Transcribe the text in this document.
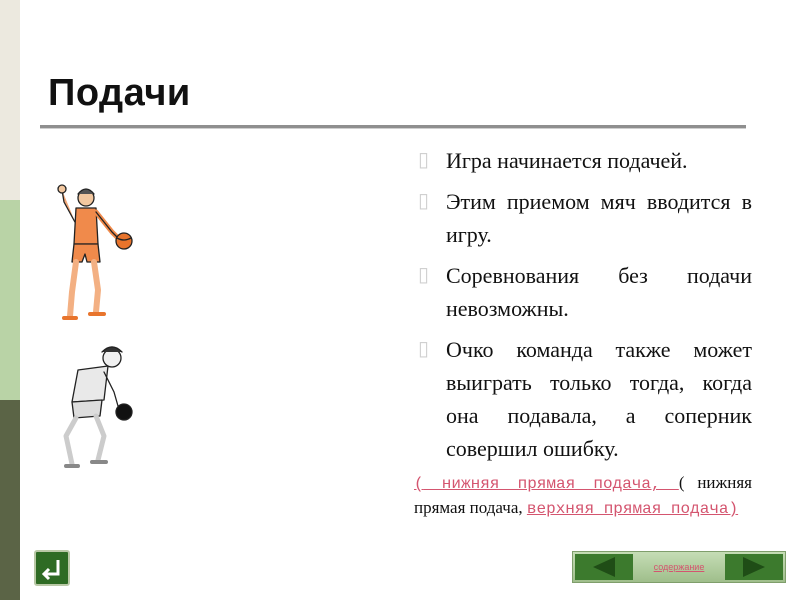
Подачи
▯ Игра начинается подачей.
▯ Этим приемом мяч вводится в игру.
▯ Соревнования без подачи невозможны.
▯ Очко команда также может выиграть только тогда, когда она подавала, а соперник совершил ошибку.
( нижняя прямая подача, ( нижняя прямая подача, верхняя прямая подача)
содержание
